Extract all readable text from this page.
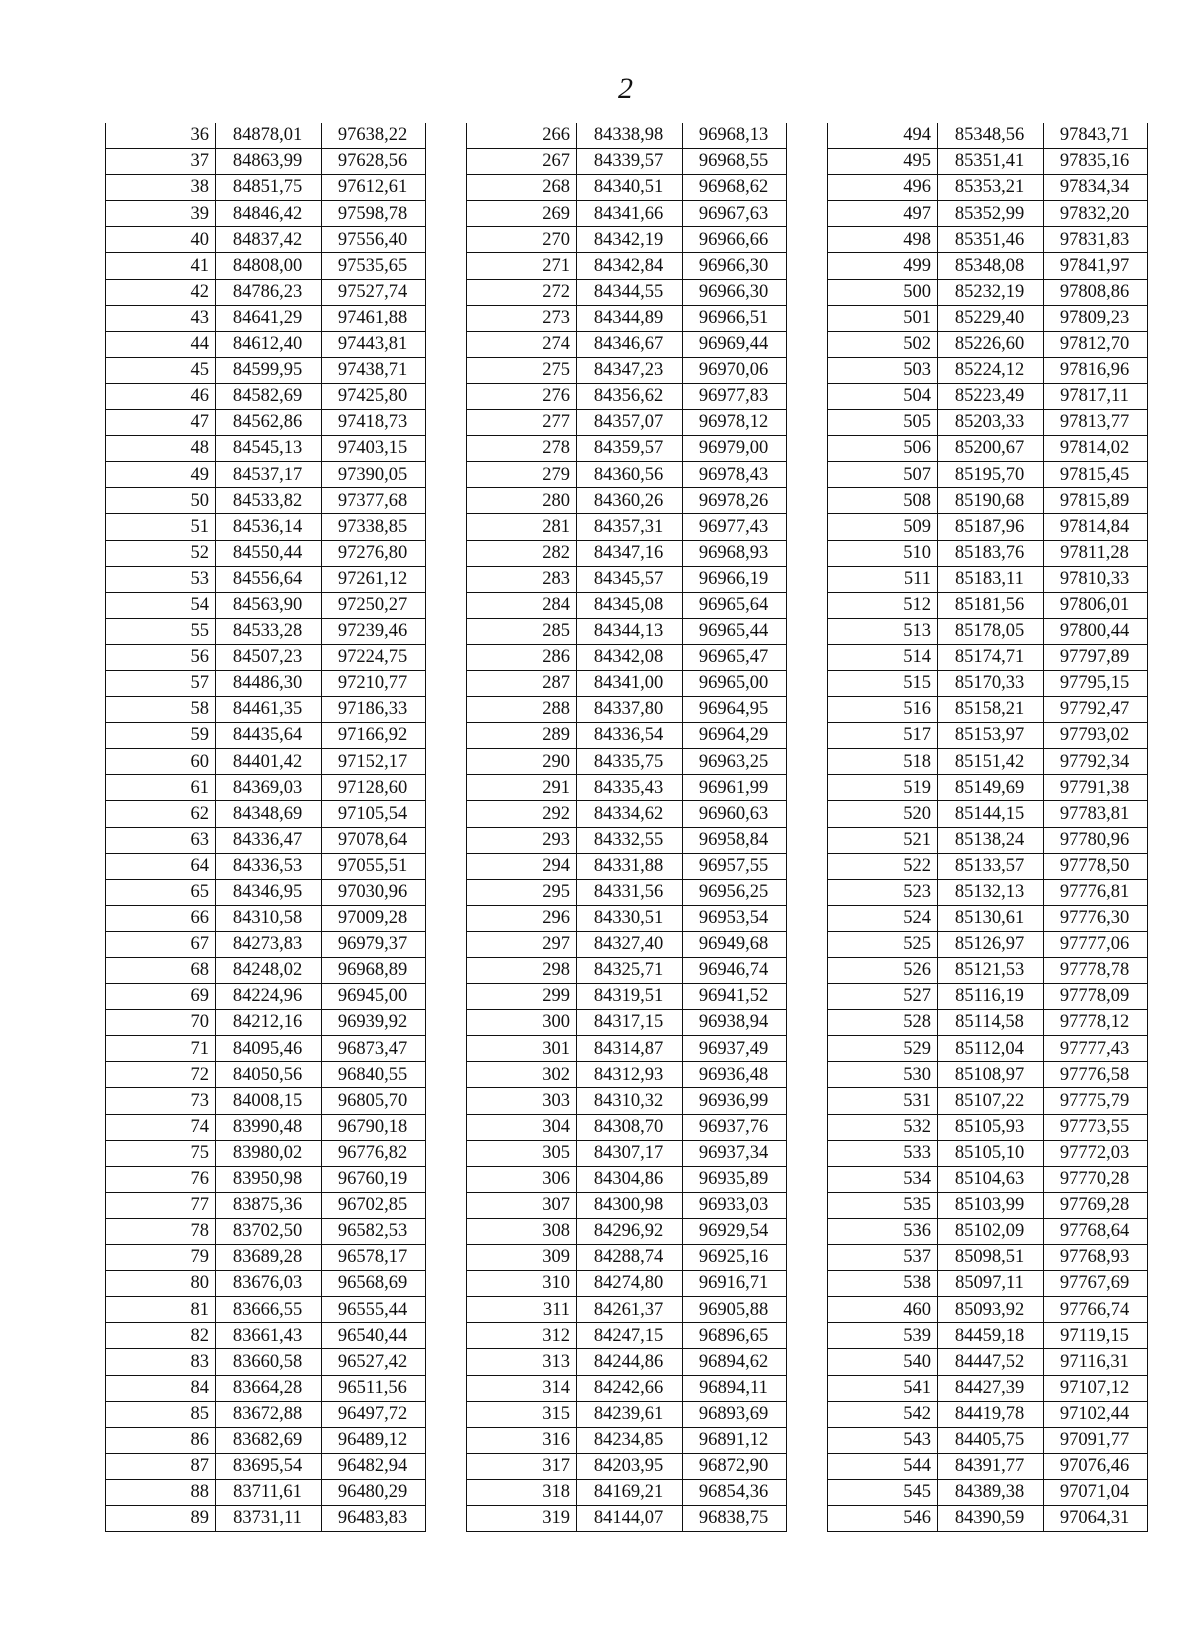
2
36	84878,01	97638,22
37	84863,99	97628,56
38	84851,75	97612,61
39	84846,42	97598,78
40	84837,42	97556,40
41	84808,00	97535,65
42	84786,23	97527,74
43	84641,29	97461,88
44	84612,40	97443,81
45	84599,95	97438,71
46	84582,69	97425,80
47	84562,86	97418,73
48	84545,13	97403,15
49	84537,17	97390,05
50	84533,82	97377,68
51	84536,14	97338,85
52	84550,44	97276,80
53	84556,64	97261,12
54	84563,90	97250,27
55	84533,28	97239,46
56	84507,23	97224,75
57	84486,30	97210,77
58	84461,35	97186,33
59	84435,64	97166,92
60	84401,42	97152,17
61	84369,03	97128,60
62	84348,69	97105,54
63	84336,47	97078,64
64	84336,53	97055,51
65	84346,95	97030,96
66	84310,58	97009,28
67	84273,83	96979,37
68	84248,02	96968,89
69	84224,96	96945,00
70	84212,16	96939,92
71	84095,46	96873,47
72	84050,56	96840,55
73	84008,15	96805,70
74	83990,48	96790,18
75	83980,02	96776,82
76	83950,98	96760,19
77	83875,36	96702,85
78	83702,50	96582,53
79	83689,28	96578,17
80	83676,03	96568,69
81	83666,55	96555,44
82	83661,43	96540,44
83	83660,58	96527,42
84	83664,28	96511,56
85	83672,88	96497,72
86	83682,69	96489,12
87	83695,54	96482,94
88	83711,61	96480,29
89	83731,11	96483,83
266	84338,98	96968,13
267	84339,57	96968,55
268	84340,51	96968,62
269	84341,66	96967,63
270	84342,19	96966,66
271	84342,84	96966,30
272	84344,55	96966,30
273	84344,89	96966,51
274	84346,67	96969,44
275	84347,23	96970,06
276	84356,62	96977,83
277	84357,07	96978,12
278	84359,57	96979,00
279	84360,56	96978,43
280	84360,26	96978,26
281	84357,31	96977,43
282	84347,16	96968,93
283	84345,57	96966,19
284	84345,08	96965,64
285	84344,13	96965,44
286	84342,08	96965,47
287	84341,00	96965,00
288	84337,80	96964,95
289	84336,54	96964,29
290	84335,75	96963,25
291	84335,43	96961,99
292	84334,62	96960,63
293	84332,55	96958,84
294	84331,88	96957,55
295	84331,56	96956,25
296	84330,51	96953,54
297	84327,40	96949,68
298	84325,71	96946,74
299	84319,51	96941,52
300	84317,15	96938,94
301	84314,87	96937,49
302	84312,93	96936,48
303	84310,32	96936,99
304	84308,70	96937,76
305	84307,17	96937,34
306	84304,86	96935,89
307	84300,98	96933,03
308	84296,92	96929,54
309	84288,74	96925,16
310	84274,80	96916,71
311	84261,37	96905,88
312	84247,15	96896,65
313	84244,86	96894,62
314	84242,66	96894,11
315	84239,61	96893,69
316	84234,85	96891,12
317	84203,95	96872,90
318	84169,21	96854,36
319	84144,07	96838,75
494	85348,56	97843,71
495	85351,41	97835,16
496	85353,21	97834,34
497	85352,99	97832,20
498	85351,46	97831,83
499	85348,08	97841,97
500	85232,19	97808,86
501	85229,40	97809,23
502	85226,60	97812,70
503	85224,12	97816,96
504	85223,49	97817,11
505	85203,33	97813,77
506	85200,67	97814,02
507	85195,70	97815,45
508	85190,68	97815,89
509	85187,96	97814,84
510	85183,76	97811,28
511	85183,11	97810,33
512	85181,56	97806,01
513	85178,05	97800,44
514	85174,71	97797,89
515	85170,33	97795,15
516	85158,21	97792,47
517	85153,97	97793,02
518	85151,42	97792,34
519	85149,69	97791,38
520	85144,15	97783,81
521	85138,24	97780,96
522	85133,57	97778,50
523	85132,13	97776,81
524	85130,61	97776,30
525	85126,97	97777,06
526	85121,53	97778,78
527	85116,19	97778,09
528	85114,58	97778,12
529	85112,04	97777,43
530	85108,97	97776,58
531	85107,22	97775,79
532	85105,93	97773,55
533	85105,10	97772,03
534	85104,63	97770,28
535	85103,99	97769,28
536	85102,09	97768,64
537	85098,51	97768,93
538	85097,11	97767,69
460	85093,92	97766,74
539	84459,18	97119,15
540	84447,52	97116,31
541	84427,39	97107,12
542	84419,78	97102,44
543	84405,75	97091,77
544	84391,77	97076,46
545	84389,38	97071,04
546	84390,59	97064,31
